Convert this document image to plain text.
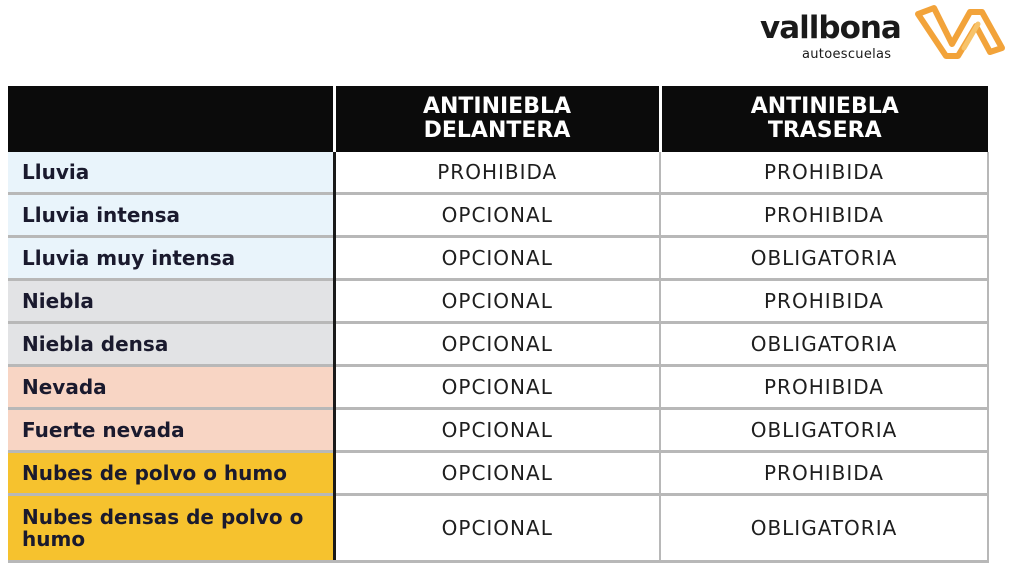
vallbona
autoescuelas

	ANTINIEBLA DELANTERA	ANTINIEBLA TRASERA

Lluvia	PROHIBIDA	PROHIBIDA
Lluvia intensa	OPCIONAL	PROHIBIDA
Lluvia muy intensa	OPCIONAL	OBLIGATORIA
Niebla	OPCIONAL	PROHIBIDA
Niebla densa	OPCIONAL	OBLIGATORIA
Nevada	OPCIONAL	PROHIBIDA
Fuerte nevada	OPCIONAL	OBLIGATORIA
Nubes de polvo o humo	OPCIONAL	PROHIBIDA

Nubes densas de polvo o humo	OPCIONAL	OBLIGATORIA
